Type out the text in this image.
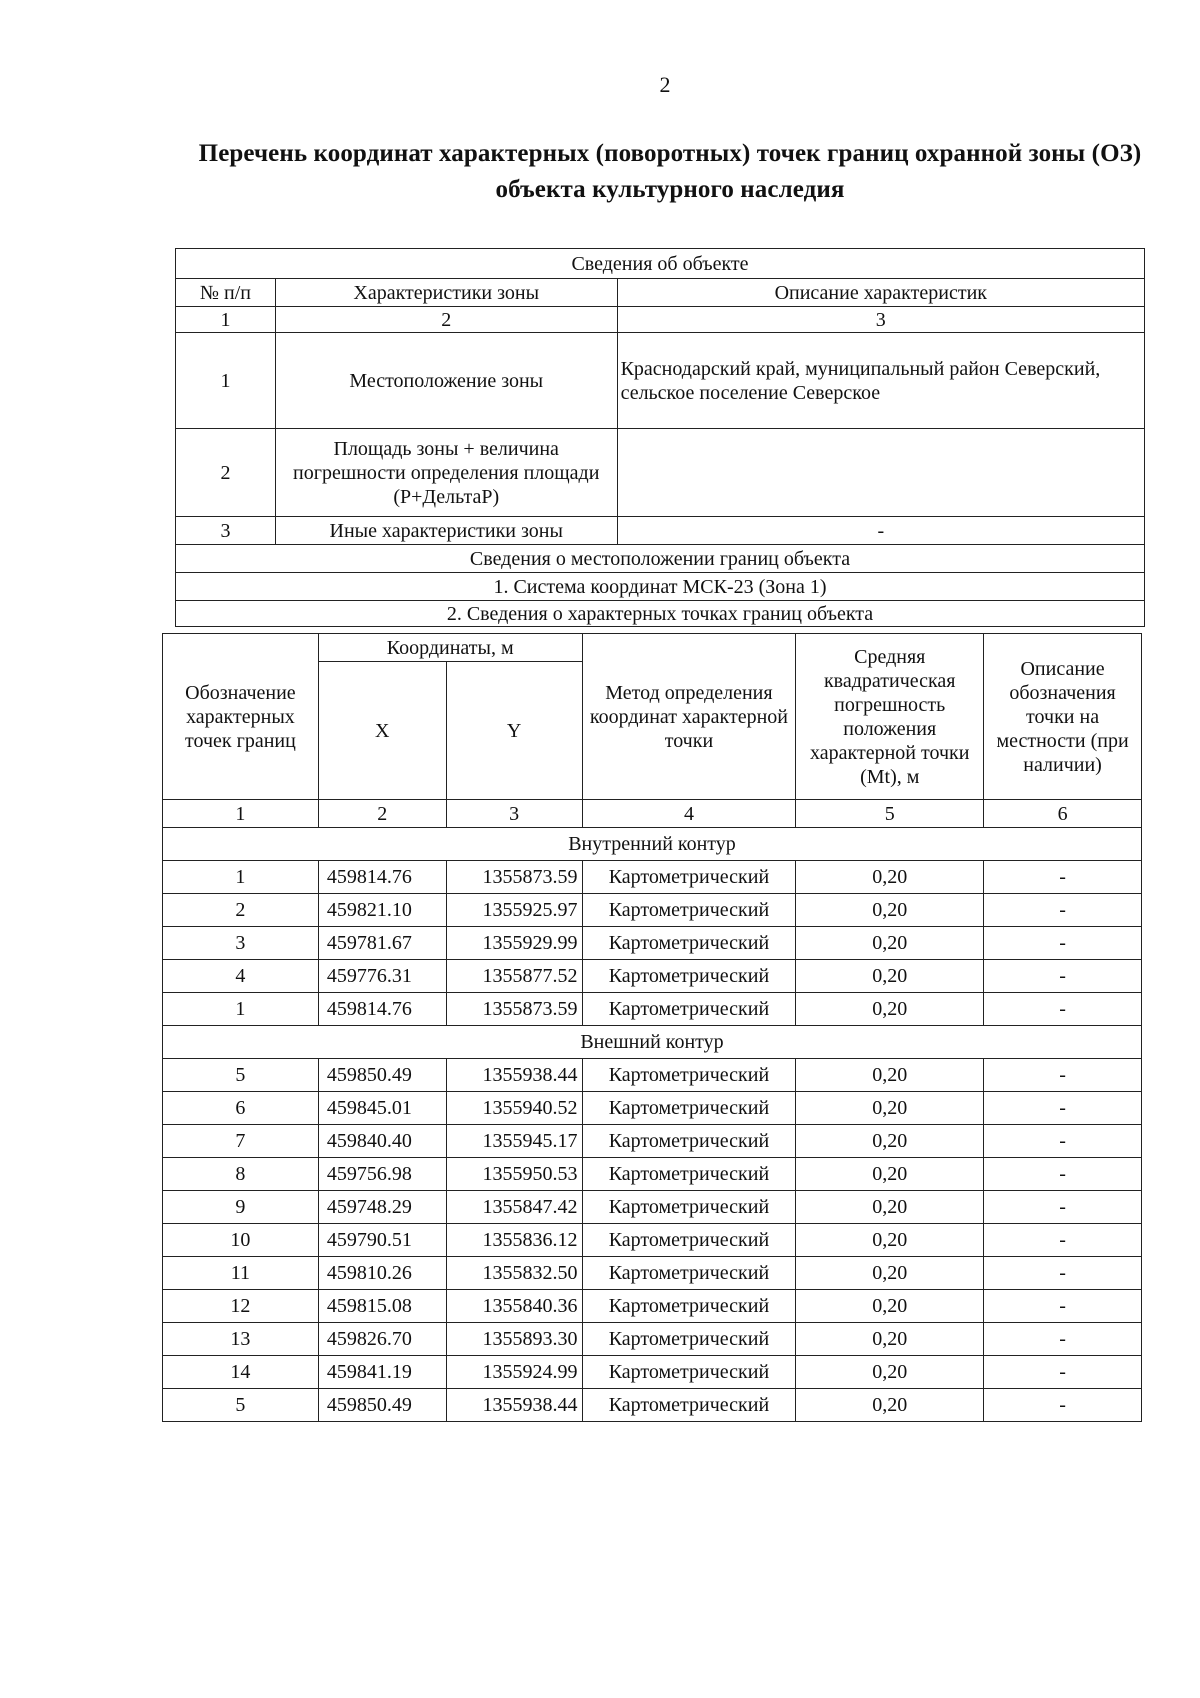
2
Перечень координат характерных (поворотных) точек границ охранной зоны (ОЗ) объекта культурного наследия
Сведения об объекте		
№ п/п	Характеристики зоны	Описание характеристик
1	2	3
1	Местоположение зоны	Краснодарский край, муниципальный район Северский, сельское поселение Северское
2	Площадь зоны + величина погрешности определения площади (P+ДельтаP)	
3	Иные характеристики зоны	-
Сведения о местоположении границ объекта		
1. Система координат МСК-23 (Зона 1)		
2. Сведения о характерных точках границ объекта		
Обозначение характерных точек границ	Координаты, м		Метод определения координат характерной точки	Средняя квадратическая погрешность положения характерной точки (Mt), м	Описание обозначения точки на местности (при наличии)
	X	Y			
1	2	3	4	5	6
Внутренний контур					
1	459814.76	1355873.59	Картометрический	0,20	-
2	459821.10	1355925.97	Картометрический	0,20	-
3	459781.67	1355929.99	Картометрический	0,20	-
4	459776.31	1355877.52	Картометрический	0,20	-
1	459814.76	1355873.59	Картометрический	0,20	-
Внешний контур					
5	459850.49	1355938.44	Картометрический	0,20	-
6	459845.01	1355940.52	Картометрический	0,20	-
7	459840.40	1355945.17	Картометрический	0,20	-
8	459756.98	1355950.53	Картометрический	0,20	-
9	459748.29	1355847.42	Картометрический	0,20	-
10	459790.51	1355836.12	Картометрический	0,20	-
11	459810.26	1355832.50	Картометрический	0,20	-
12	459815.08	1355840.36	Картометрический	0,20	-
13	459826.70	1355893.30	Картометрический	0,20	-
14	459841.19	1355924.99	Картометрический	0,20	-
5	459850.49	1355938.44	Картометрический	0,20	-
